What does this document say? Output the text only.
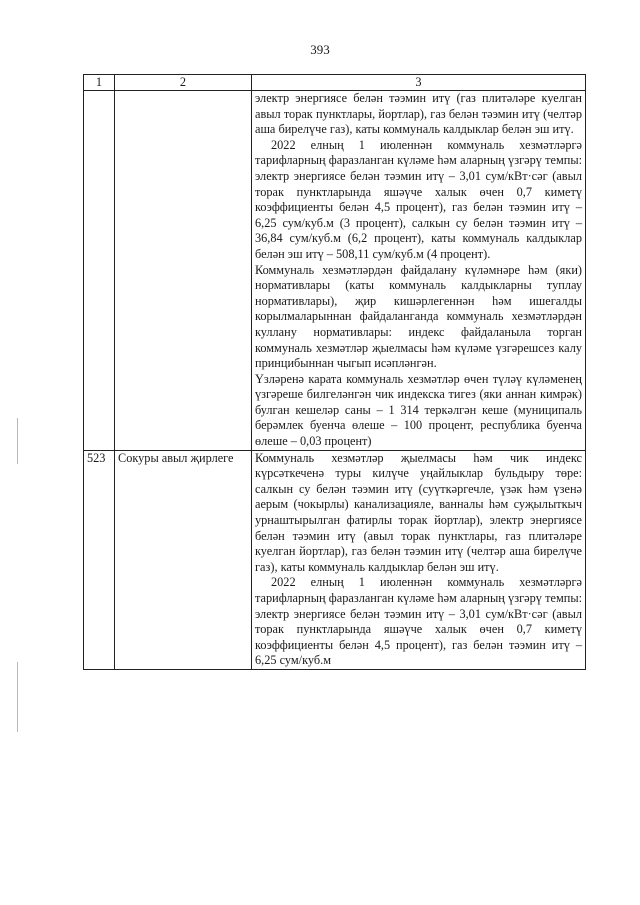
393
1	2	3

		электр энергиясе белән тәэмин итү (газ плитәләре куелган авыл торак пунктлары, йортлар), газ белән тәэмин итү (челтәр аша бирелүче газ), каты коммуналь калдыклар белән эш итү.

2022 елның 1 июленнән коммуналь хезмәтләргә тарифларның фаразланган күләме һәм аларның үзгәрү темпы: электр энергиясе белән тәэмин итү – 3,01 сум/кВт·сәг (авыл торак пунктларында яшәүче халык өчен 0,7 киметү коэффициенты белән 4,5 процент), газ белән тәэмин итү – 6,25 сум/куб.м (3 процент), салкын су белән тәэмин итү – 36,84 сум/куб.м (6,2 процент), каты коммуналь калдыклар белән эш итү – 508,11 сум/куб.м (4 процент).

Коммуналь хезмәтләрдән файдалану күләмнәре һәм (яки) нормативлары (каты коммуналь калдыкларны туплау нормативлары), җир кишәрлегеннән һәм ишегалды корылмаларыннан файдаланганда коммуналь хезмәтләрдән куллану нормативлары: индекс файдаланыла торган коммуналь хезмәтләр җыелмасы һәм күләме үзгәрешсез калу принцибыннан чыгып исәпләнгән.

Үзләренә карата коммуналь хезмәтләр өчен түләү күләменең үзгәреше билгеләнгән чик индекска тигез (яки аннан кимрәк) булган кешеләр саны – 1 314 теркәлгән кеше (муниципаль берәмлек буенча өлеше – 100 процент, республика буенча өлеше – 0,03 процент)

523	Сокуры авыл җирлеге	Коммуналь хезмәтләр җыелмасы һәм чик индекс күрсәткеченә туры килүче уңайлыклар бульдыру төре: салкын су белән тәэмин итү (суүткәргечле, үзәк һәм үзенә аерым (чокырлы) канализацияле, ванналы һәм суҗылыткыч урнаштырылган фатирлы торак йортлар), электр энергиясе белән тәэмин итү (авыл торак пунктлары, газ плитәләре куелган йортлар), газ белән тәэмин итү (челтәр аша бирелүче газ), каты коммуналь калдыклар белән эш итү.

2022 елның 1 июленнән коммуналь хезмәтләргә тарифларның фаразланган күләме һәм аларның үзгәрү темпы: электр энергиясе белән тәэмин итү – 3,01 сум/кВт·сәг (авыл торак пунктларында яшәүче халык өчен 0,7 киметү коэффициенты белән 4,5 процент), газ белән тәэмин итү – 6,25 сум/куб.м
